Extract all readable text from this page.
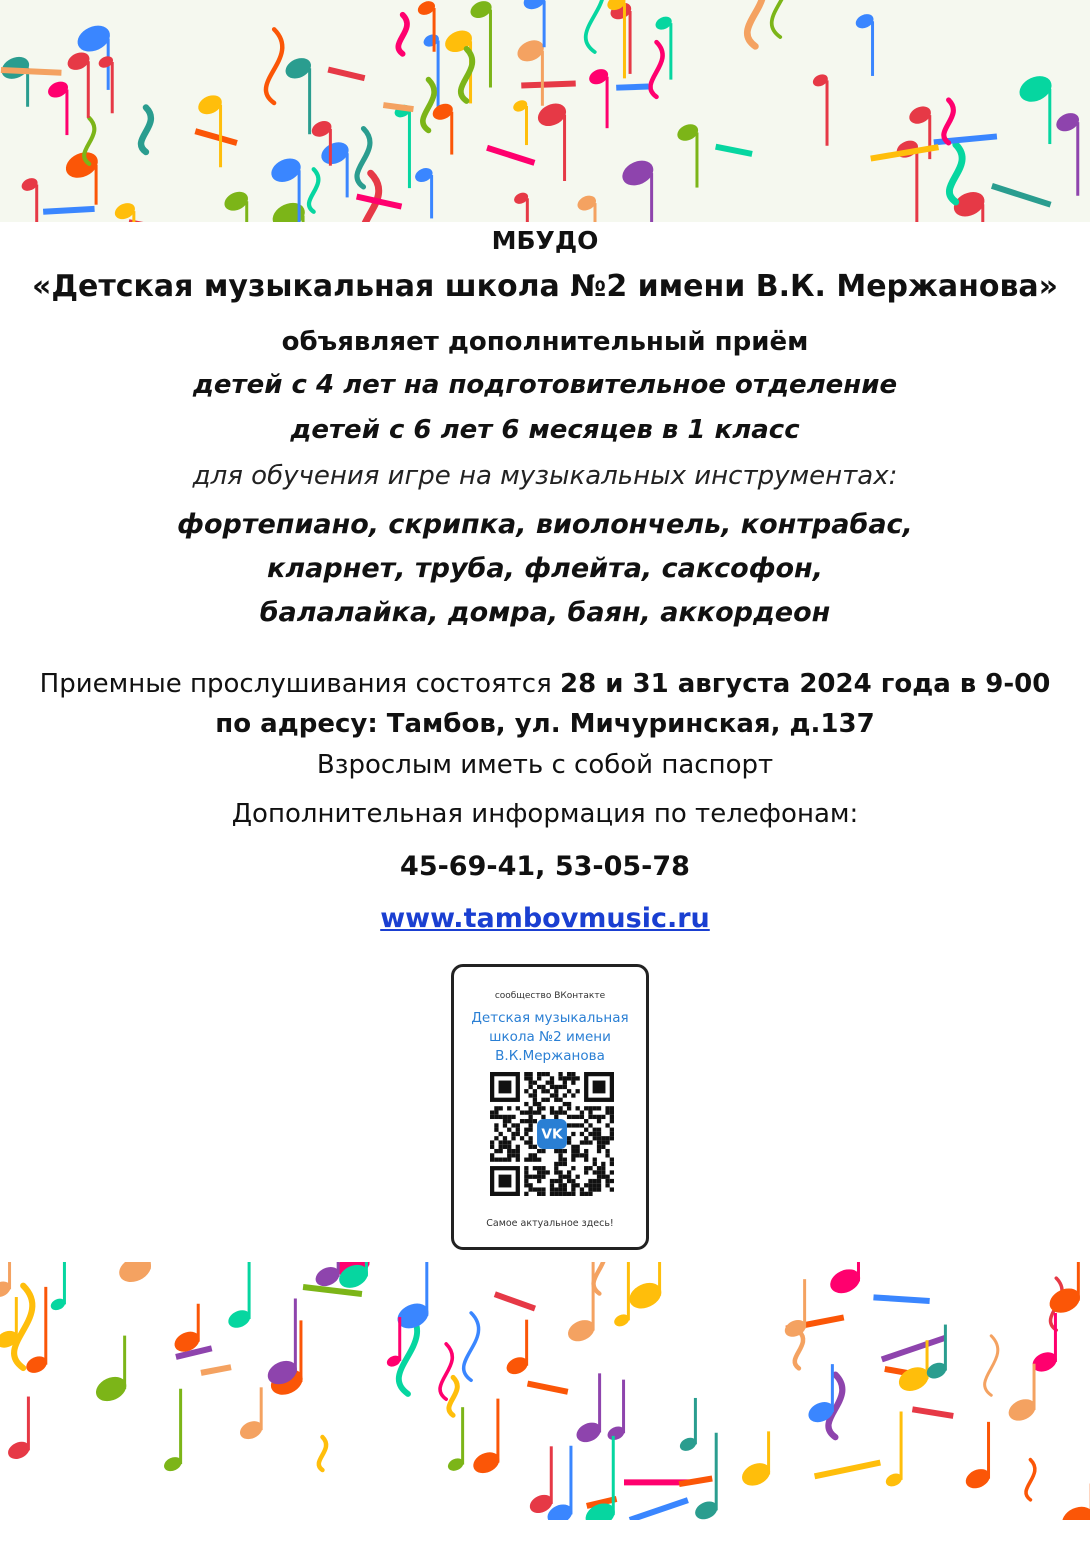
МБУДО
«Детская музыкальная школа №2 имени В.К. Мержанова»
объявляет дополнительный приём
детей с 4 лет на подготовительное отделение
детей с 6 лет 6 месяцев в 1 класс
для обучения игре на музыкальных инструментах:
фортепиано, скрипка, виолончель, контрабас,
кларнет, труба, флейта, саксофон,
балалайка, домра, баян, аккордеон
Приемные прослушивания состоятся 28 и 31 августа 2024 года в 9-00
по адресу: Тамбов, ул. Мичуринская, д.137
Взрослым иметь с собой паспорт
Дополнительная информация по телефонам:
45-69-41, 53-05-78
www.tambovmusic.ru
сообщество ВКонтакте
Детская музыкальная
школа №2 имени
В.К.Мержанова
VK
Самое актуальное здесь!
